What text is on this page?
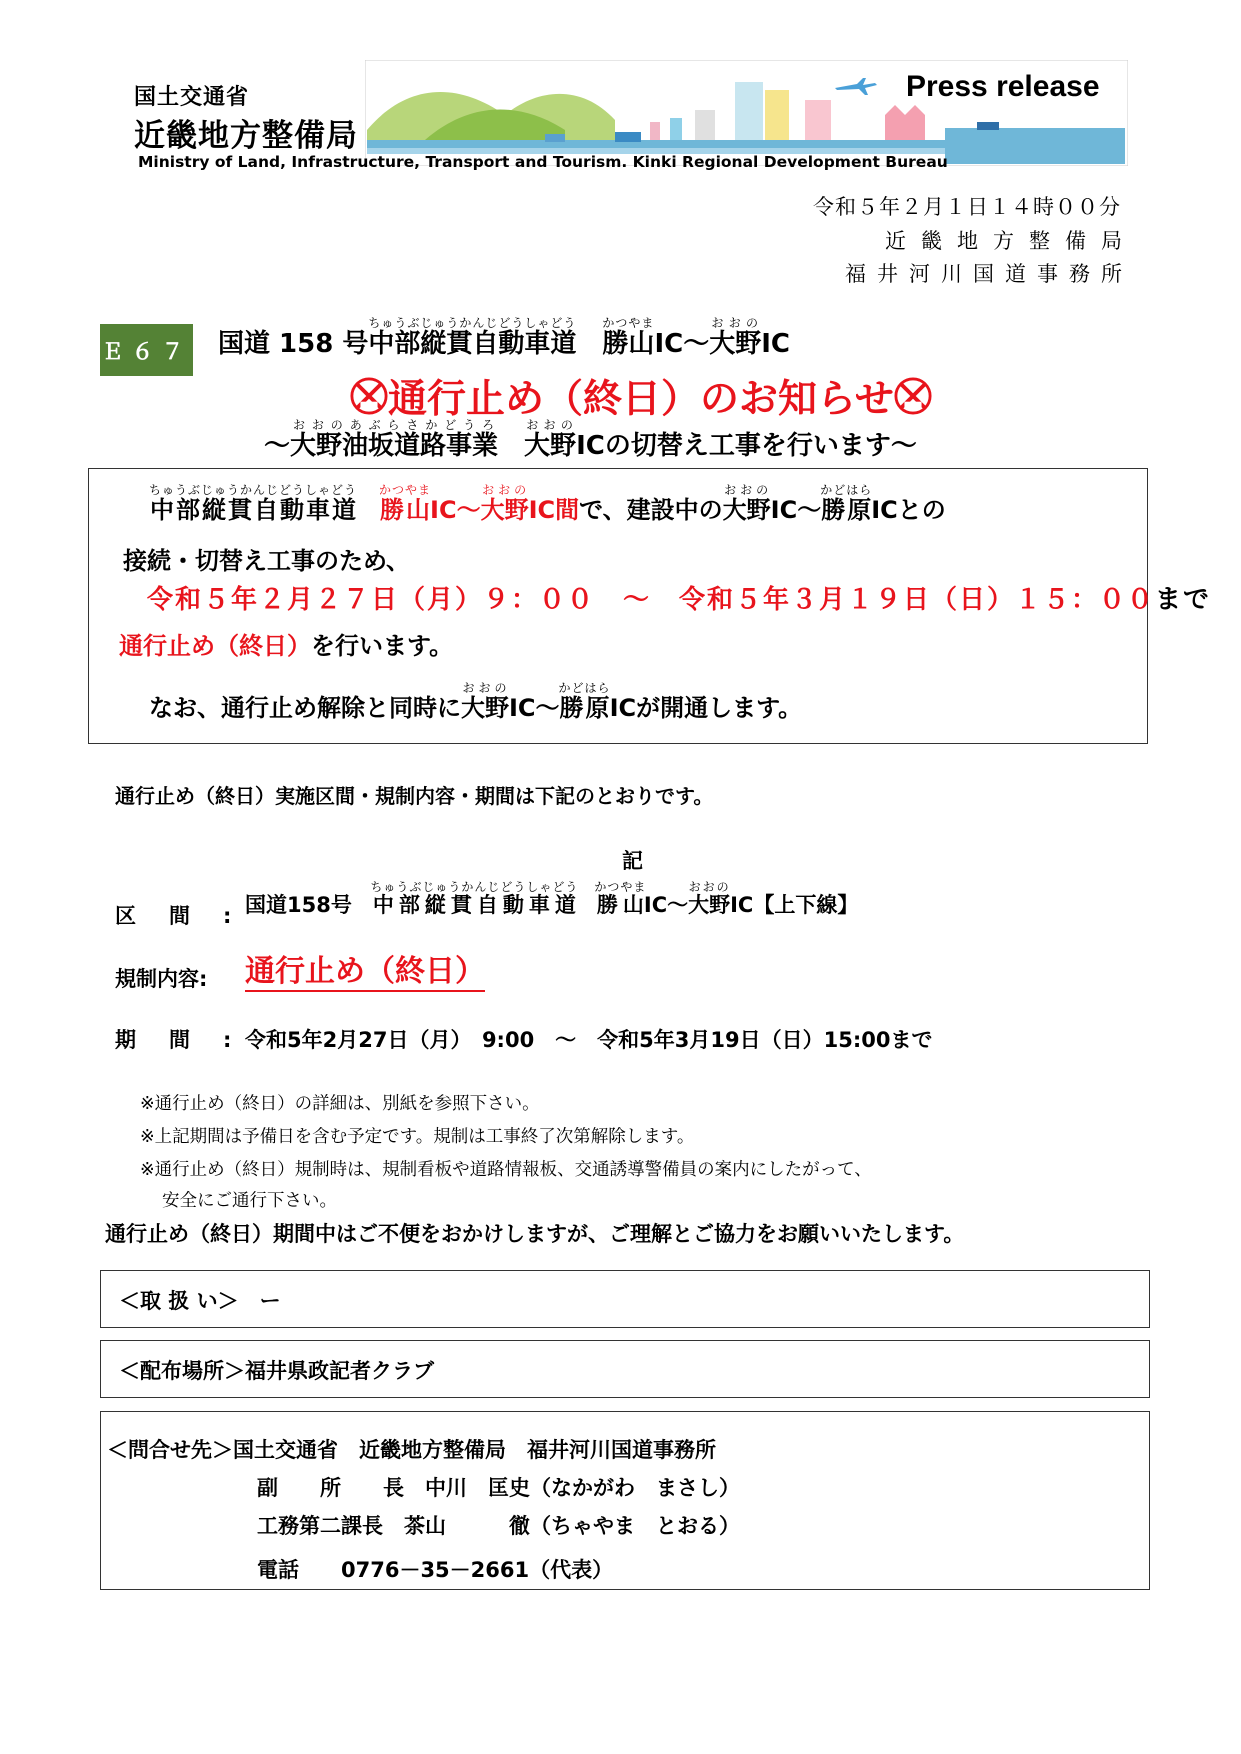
国土交通省
近畿地方整備局
Press release
Ministry of Land, Infrastructure, Transport and Tourism. Kinki Regional Development Bureau
令和５年２月１日１４時００分
近畿地方整備局
福井河川国道事務所
Ｅ６７ 国道 158 号中部縦貫自動車道ちゅうぶじゅうかんじどうしゃどう　勝山かつやまIC～大野おおのIC
通行止め（終日）のお知らせ
～大野油坂道路事業おおのあぶらさかどうろ　大野おおのICの切替え工事を行います～
中部縦貫自動車道ちゅうぶじゅうかんじどうしゃどう　勝山かつやまIC～大野おおのIC間で、建設中の大野おおのIC～勝原かどはらICとの
接続・切替え工事のため、
令和５年２月２７日（月）９：００　～　令和５年３月１９日（日）１５：００まで
通行止め（終日）を行います。
なお、通行止め解除と同時に大野おおのIC～勝原かどはらICが開通します。
通行止め（終日）実施区間・規制内容・期間は下記のとおりです。
記
区間:
国道158号　中部縦貫自動車道ちゅうぶじゅうかんじどうしゃどう　勝山かつやまIC～大野おおのIC【上下線】
規制内容: 通行止め（終日）
期間:
令和5年2月27日（月）　9:00　～　令和5年3月19日（日）15:00まで
※通行止め（終日）の詳細は、別紙を参照下さい。
※上記期間は予備日を含む予定です。規制は工事終了次第解除します。
※通行止め（終日）規制時は、規制看板や道路情報板、交通誘導警備員の案内にしたがって、
安全にご通行下さい。
通行止め（終日）期間中はご不便をおかけしますが、ご理解とご協力をお願いいたします。
＜取 扱 い＞　ー
＜配布場所＞福井県政記者クラブ
＜問合せ先＞国土交通省　近畿地方整備局　福井河川国道事務所
副　　所　　長　中川　匡史（なかがわ　まさし）
工務第二課長　茶山　　　徹（ちゃやま　とおる）
電話　　0776－35－2661（代表）
